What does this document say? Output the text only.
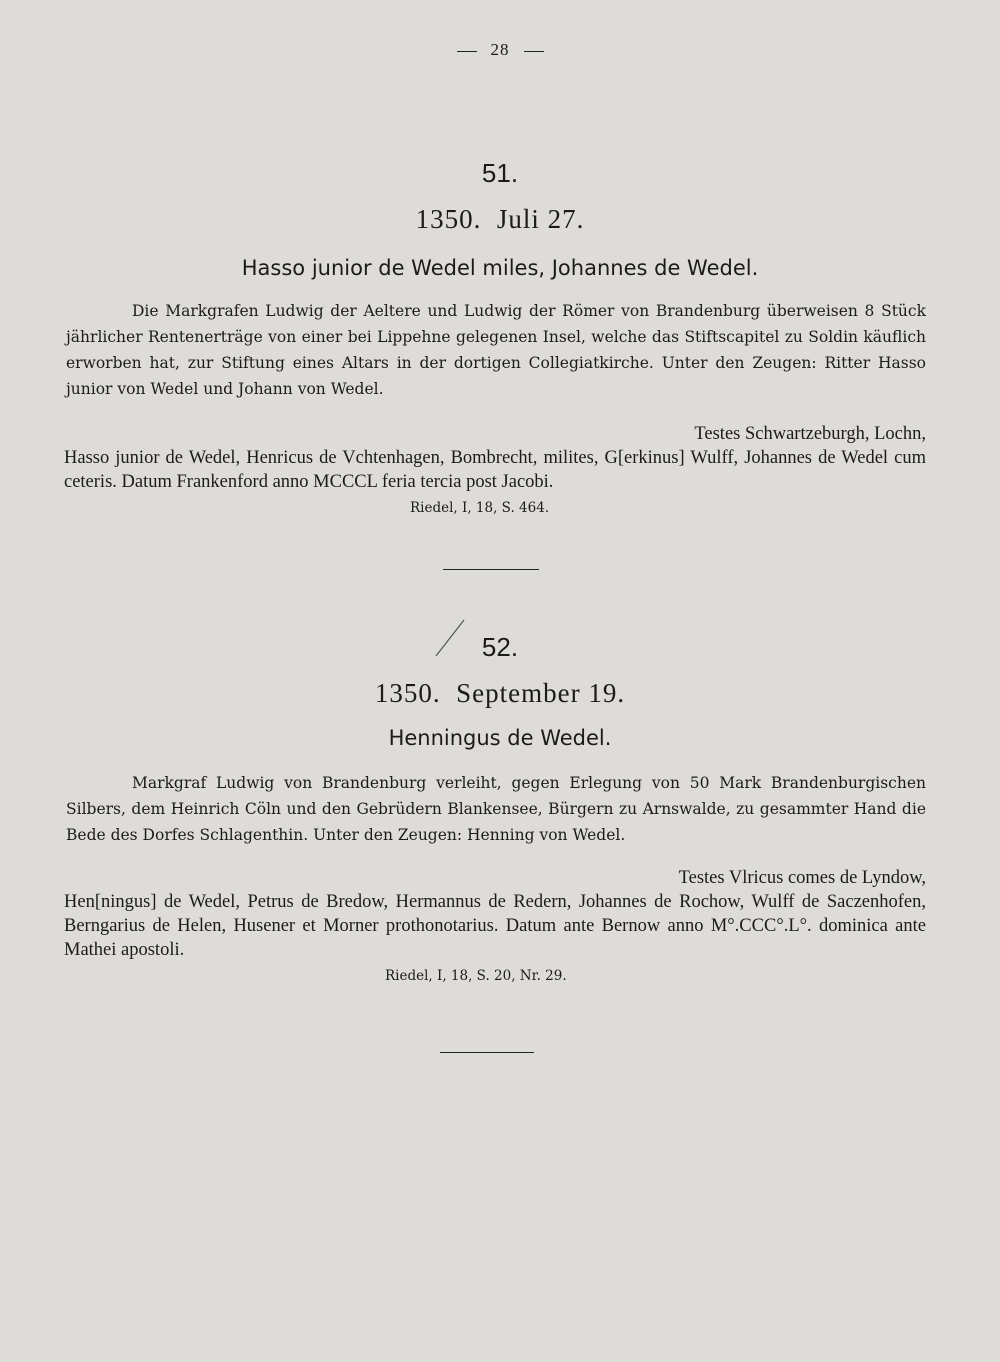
28
51.
1350. Juli 27.
Hasso junior de Wedel miles, Johannes de Wedel.
Die Markgrafen Ludwig der Aeltere und Ludwig der Römer von Brandenburg überweisen 8 Stück jährlicher Rentenerträge von einer bei Lippehne gelegenen Insel, welche das Stiftscapitel zu Soldin käuflich erworben hat, zur Stiftung eines Altars in der dortigen Collegiatkirche. Unter den Zeugen: Ritter Hasso junior von Wedel und Johann von Wedel.
Testes Schwartzeburgh, Lochn,
Hasso junior de Wedel, Henricus de Vchtenhagen, Bombrecht, milites, G[erkinus] Wulff, Johannes de Wedel cum ceteris. Datum Frankenford anno MCCCL feria tercia post Jacobi.
Riedel, I, 18, S. 464.
52.
1350. September 19.
Henningus de Wedel.
Markgraf Ludwig von Brandenburg verleiht, gegen Erlegung von 50 Mark Brandenburgischen Silbers, dem Heinrich Cöln und den Gebrüdern Blankensee, Bürgern zu Arnswalde, zu gesammter Hand die Bede des Dorfes Schlagenthin. Unter den Zeugen: Henning von Wedel.
Testes Vlricus comes de Lyndow,
Hen[ningus] de Wedel, Petrus de Bredow, Hermannus de Redern, Johannes de Rochow, Wulff de Saczenhofen, Berngarius de Helen, Husener et Morner prothonotarius. Datum ante Bernow anno M°.CCC°.L°. dominica ante Mathei apostoli.
Riedel, I, 18, S. 20, Nr. 29.
